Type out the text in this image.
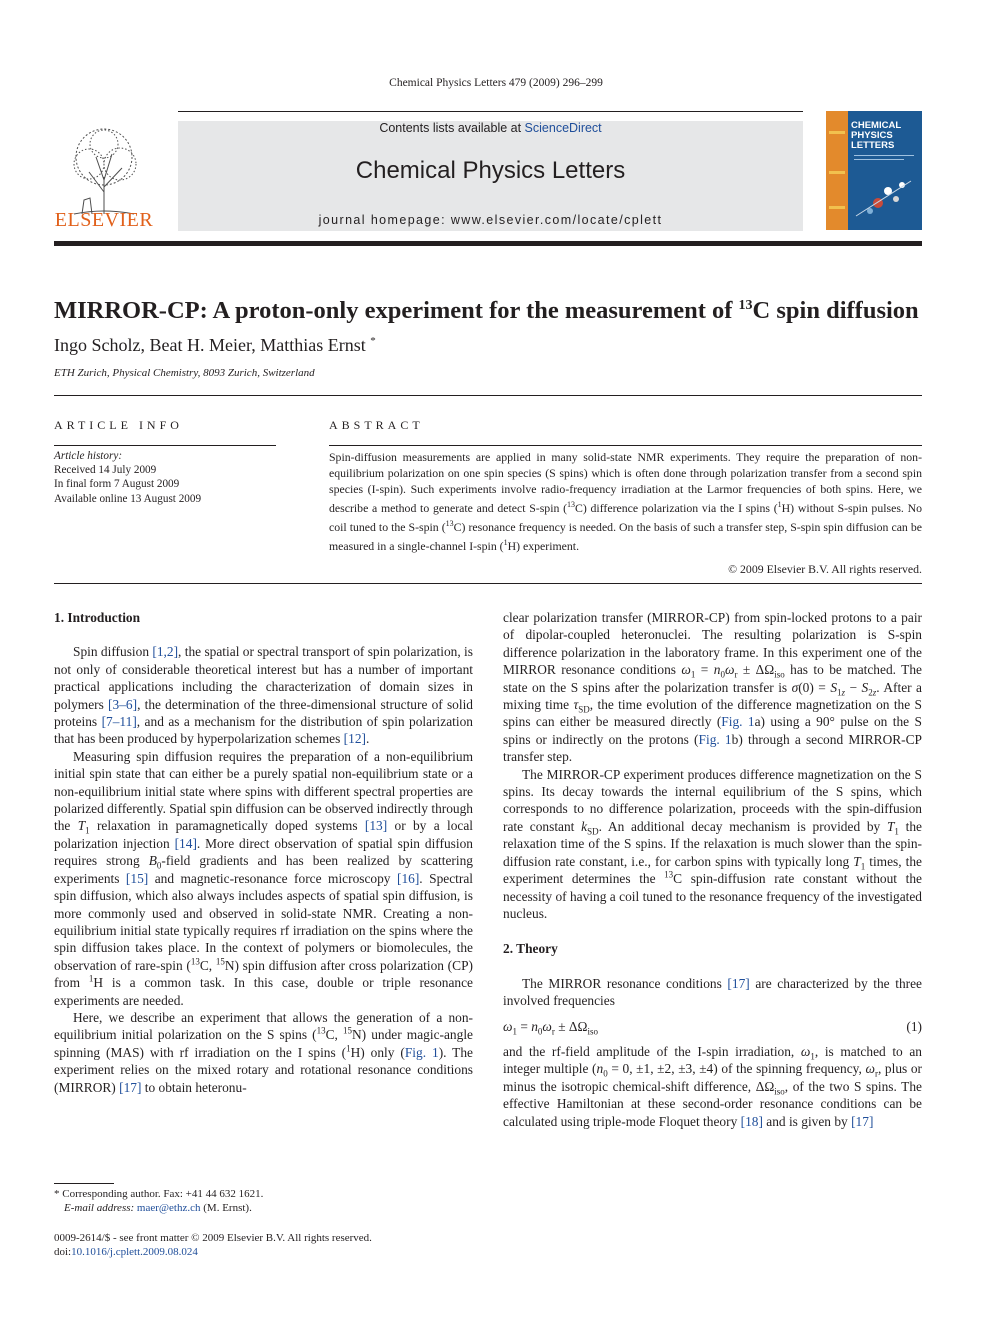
Chemical Physics Letters 479 (2009) 296–299
ELSEVIER
Contents lists available at ScienceDirect
Chemical Physics Letters
journal homepage: www.elsevier.com/locate/cplett
CHEMICAL
PHYSICS
LETTERS
MIRROR-CP: A proton-only experiment for the measurement of $^{13}$C spin diffusion
Ingo Scholz, Beat H. Meier, Matthias Ernst *
ETH Zurich, Physical Chemistry, 8093 Zurich, Switzerland
ARTICLE INFO	ABSTRACT
Article history:
Received 14 July 2009
In final form 7 August 2009
Available online 13 August 2009
Spin-diffusion measurements are applied in many solid-state NMR experiments. They require the preparation of non-equilibrium polarization on one spin species (S spins) which is often done through polarization transfer from a second spin species (I-spin). Such experiments involve radio-frequency irradiation at the Larmor frequencies of both spins. Here, we describe a method to generate and detect S-spin ($^{13}$C) difference polarization via the I spins ($^1$H) without S-spin pulses. No coil tuned to the S-spin ($^{13}$C) resonance frequency is needed. On the basis of such a transfer step, S-spin spin diffusion can be measured in a single-channel I-spin ($^1$H) experiment.
© 2009 Elsevier B.V. All rights reserved.
1. Introduction

Spin diffusion [1,2], the spatial or spectral transport of spin polarization, is not only of considerable theoretical interest but has a number of important practical applications including the characterization of domain sizes in polymers [3–6], the determination of the three-dimensional structure of solid proteins [7–11], and as a mechanism for the distribution of spin polarization that has been produced by hyperpolarization schemes [12].

Measuring spin diffusion requires the preparation of a non-equilibrium initial spin state that can either be a purely spatial non-equilibrium state or a non-equilibrium initial state where spins with different spectral properties are polarized differently. Spatial spin diffusion can be observed indirectly through the $T_1$ relaxation in paramagnetically doped systems [13] or by a local polarization injection [14]. More direct observation of spatial spin diffusion requires strong $B_0$-field gradients and has been realized by scattering experiments [15] and magnetic-resonance force microscopy [16]. Spectral spin diffusion, which also always includes aspects of spatial spin diffusion, is more commonly used and observed in solid-state NMR. Creating a non-equilibrium initial state typically requires rf irradiation on the spins where the spin diffusion takes place. In the context of polymers or biomolecules, the observation of rare-spin ($^{13}$C, $^{15}$N) spin diffusion after cross polarization (CP) from $^1$H is a common task. In this case, double or triple resonance experiments are needed.

Here, we describe an experiment that allows the generation of a non-equilibrium initial polarization on the S spins ($^{13}$C, $^{15}$N) under magic-angle spinning (MAS) with rf irradiation on the I spins ($^1$H) only (Fig. 1). The experiment relies on the mixed rotary and rotational resonance conditions (MIRROR) [17] to obtain heteronu-

clear polarization transfer (MIRROR-CP) from spin-locked protons to a pair of dipolar-coupled heteronuclei. The resulting polarization is S-spin difference polarization in the laboratory frame. In this experiment one of the MIRROR resonance conditions $\omega_1 = n_0\omega_r \pm \Delta\Omega_{iso}$ has to be matched. The state on the S spins after the polarization transfer is $\sigma(0) = S_{1z} - S_{2z}$. After a mixing time $\tau_{SD}$, the time evolution of the difference magnetization on the S spins can either be measured directly (Fig. 1a) using a 90° pulse on the S spins or indirectly on the protons (Fig. 1b) through a second MIRROR-CP transfer step.

The MIRROR-CP experiment produces difference magnetization on the S spins. Its decay towards the internal equilibrium of the S spins, which corresponds to no difference polarization, proceeds with the spin-diffusion rate constant $k_{SD}$. An additional decay mechanism is provided by $T_1$ the relaxation time of the S spins. If the relaxation is much slower than the spin-diffusion rate constant, i.e., for carbon spins with typically long $T_1$ times, the experiment determines the $^{13}$C spin-diffusion rate constant without the necessity of having a coil tuned to the resonance frequency of the investigated nucleus.

2. Theory

The MIRROR resonance conditions [17] are characterized by the three involved frequencies

$\omega_1 = n_0\omega_r \pm \Delta\Omega_{iso}$	(1)

and the rf-field amplitude of the I-spin irradiation, $\omega_1$, is matched to an integer multiple ($n_0 = 0$, ±1, ±2, ±3, ±4) of the spinning frequency, $\omega_r$, plus or minus the isotropic chemical-shift difference, $\Delta\Omega_{iso}$, of the two S spins. The effective Hamiltonian at these second-order resonance conditions can be calculated using triple-mode Floquet theory [18] and is given by [17]

* Corresponding author. Fax: +41 44 632 1621.
E-mail address: maer@ethz.ch (M. Ernst).
0009-2614/$ - see front matter © 2009 Elsevier B.V. All rights reserved.
doi:10.1016/j.cplett.2009.08.024
